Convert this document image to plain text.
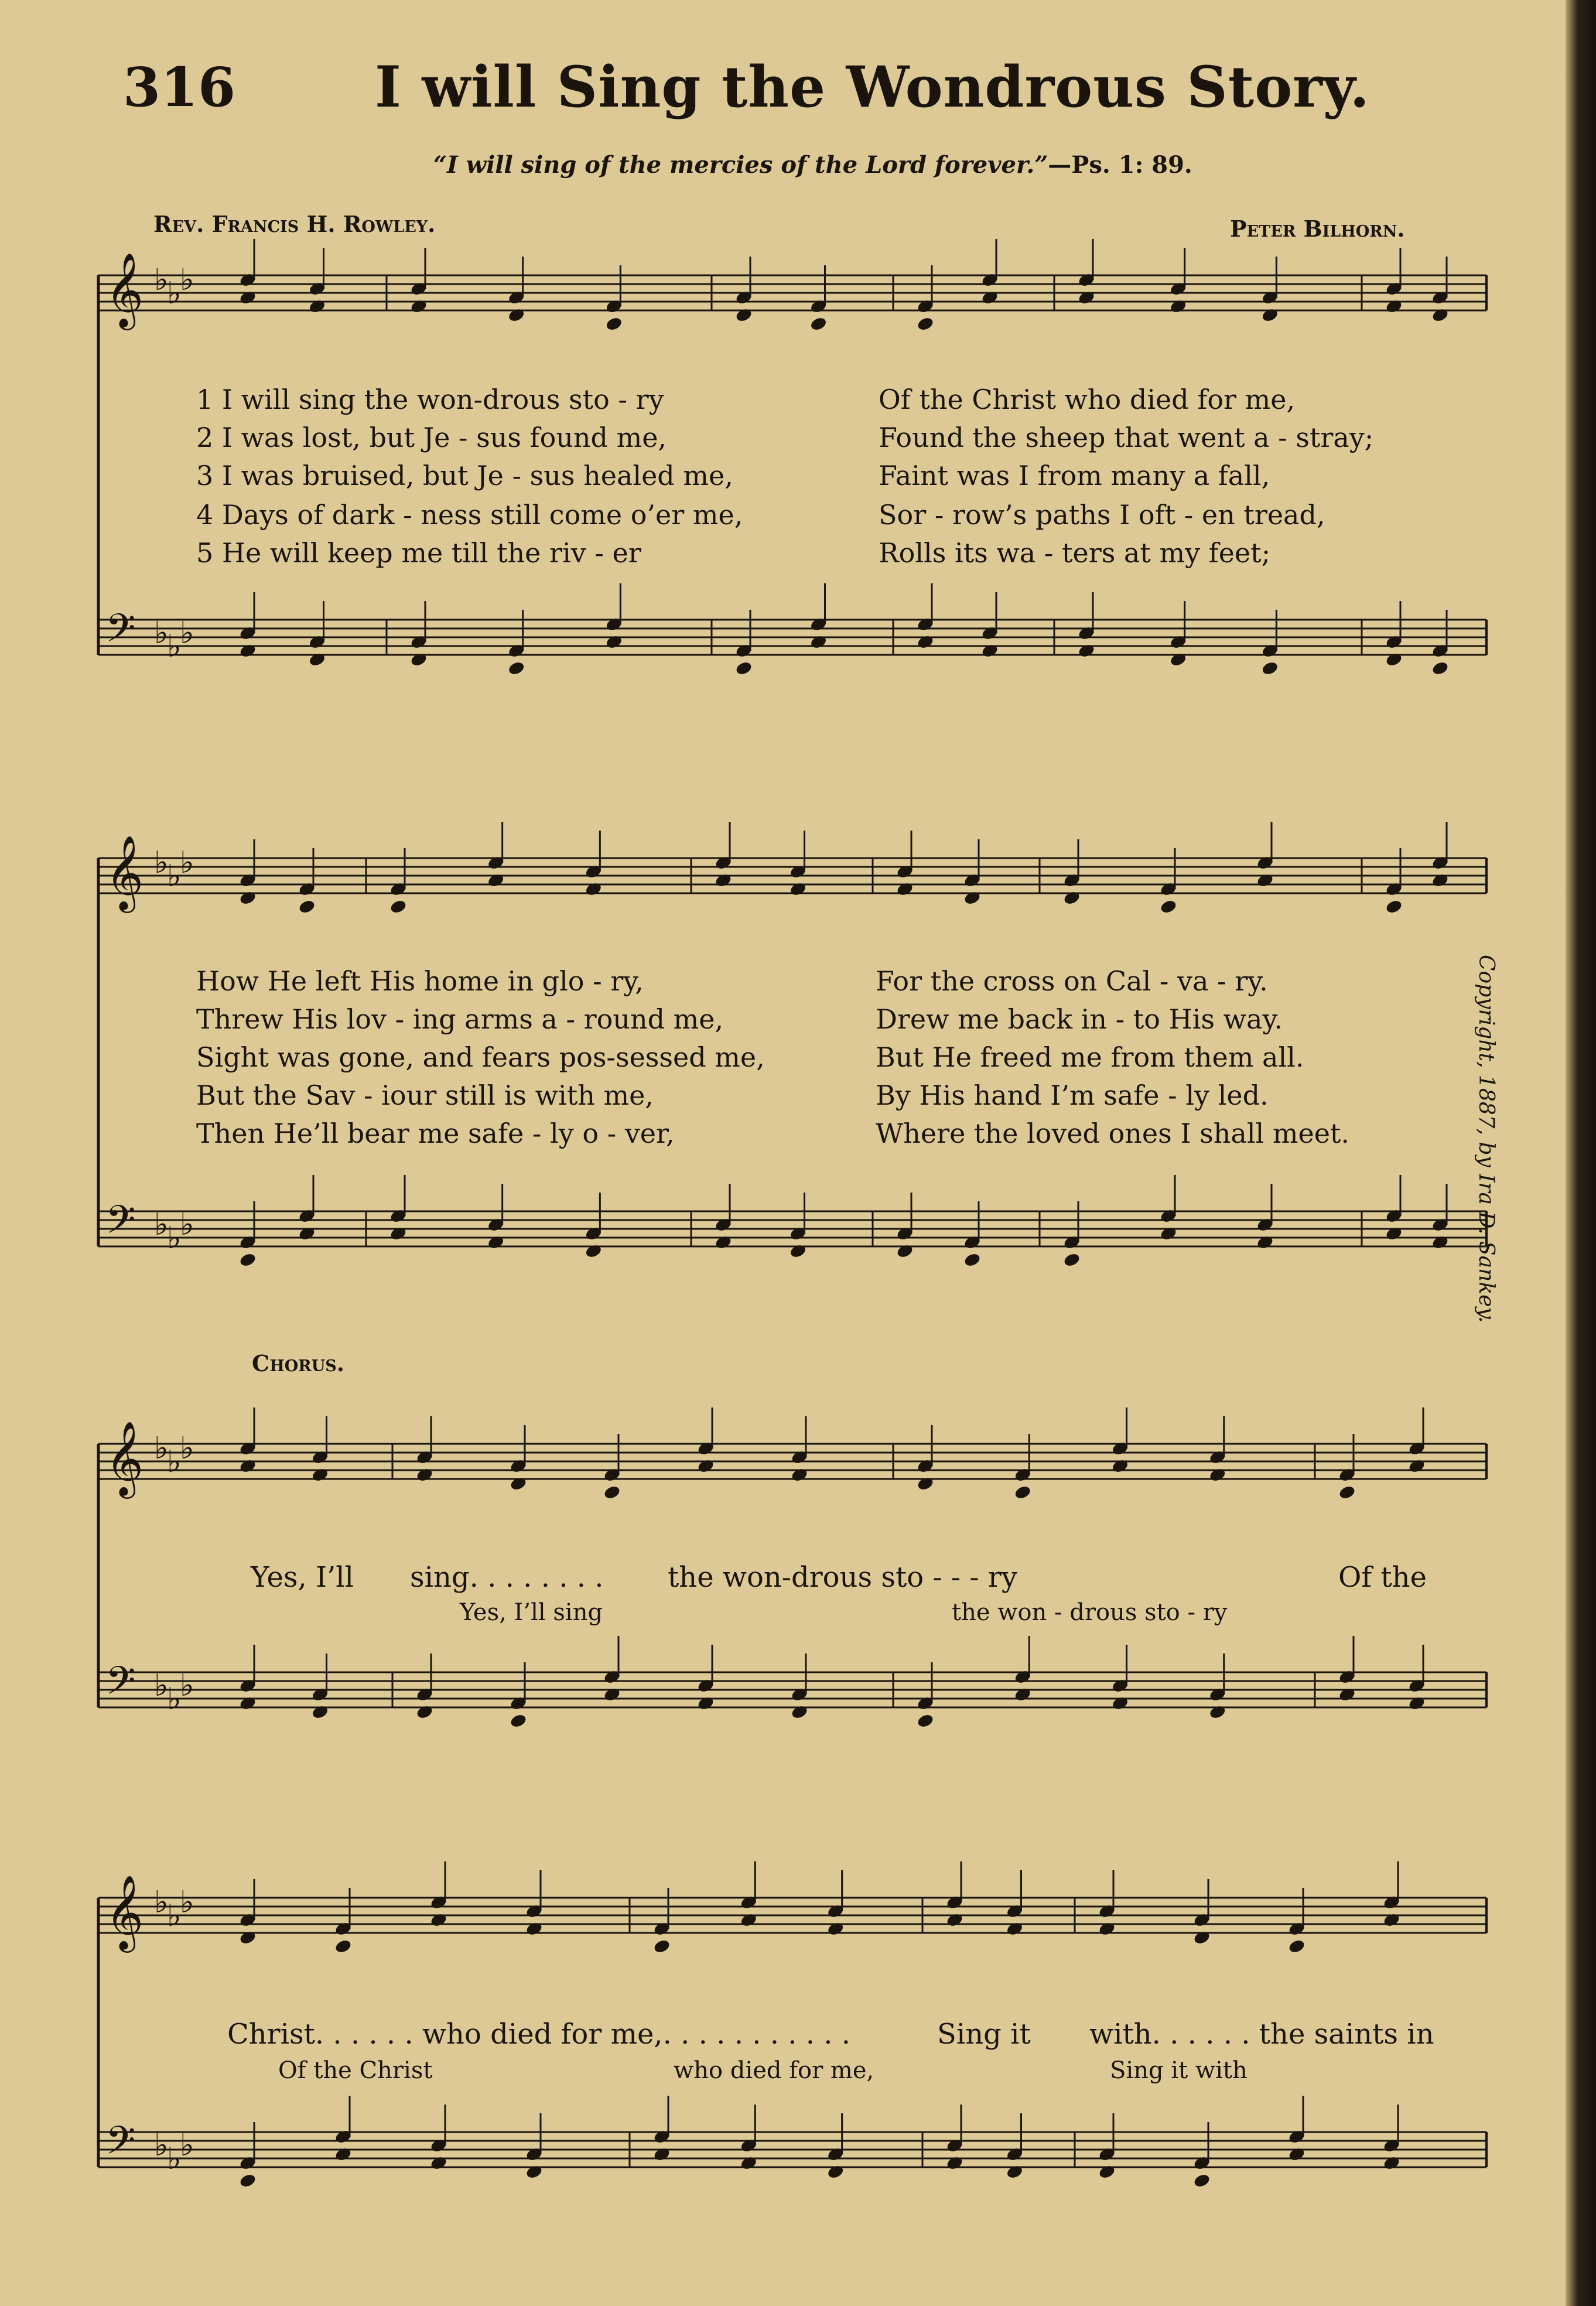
316 I will Sing the Wondrous Story.
“I will sing of the mercies of the Lord forever.”—Ps. 1: 89.
Rev. Francis H. Rowley.	Peter Bilhorn.
𝄞 ♭
♭
♭
𝄢 ♭
♭
♭
𝄞 ♭
♭
♭
𝄢 ♭
♭
♭
𝄞 ♭
♭
♭
𝄢 ♭
♭
♭
𝄞 ♭
♭
♭
𝄢 ♭
♭
♭
1 I will sing the won-drous sto - ry
2 I was lost, but Je - sus found me,
3 I was bruised, but Je - sus healed me,
4 Days of dark - ness still come o’er me,
5 He will keep me till the riv - er
Of the Christ who died for me,
Found the sheep that went a - stray;
Faint was I from many a fall,
Sor - row’s paths I oft - en tread,
Rolls its wa - ters at my feet;
How He left His home in glo - ry,
Threw His lov - ing arms a - round me,
Sight was gone, and fears pos-sessed me,
But the Sav - iour still is with me,
Then He’ll bear me safe - ly o - ver,
For the cross on Cal - va - ry.
Drew me back in - to His way.
But He freed me from them all.
By His hand I’m safe - ly led.
Where the loved ones I shall meet.
Chorus.
Yes, I’ll sing. . . . . . . . the won-drous sto - - - ry	Of the
Yes, I’ll sing	the won - drous sto - ry
Christ. . . . . . who died for me,. . . . . . . . . . .	Sing it with. . . . . . the saints in
Of the Christ	who died for me,	Sing it with
Copyright, 1887, by Ira D. Sankey.
